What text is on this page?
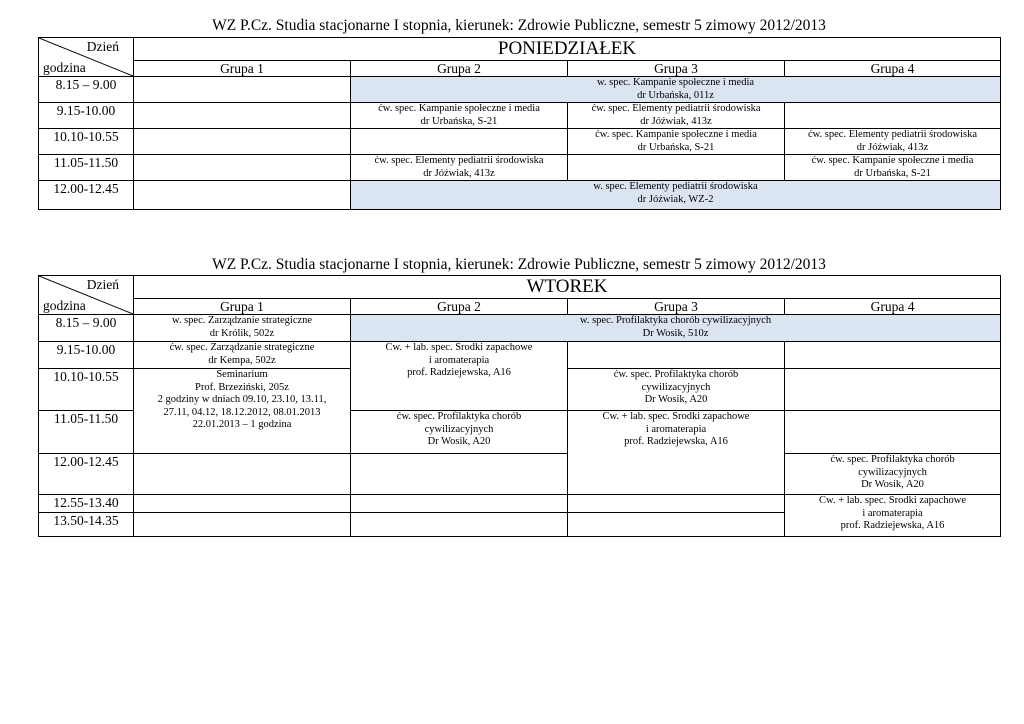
WZ P.Cz. Studia stacjonarne I stopnia, kierunek: Zdrowie Publiczne, semestr 5 zimowy 2012/2013
Dzień
godzina	PONIEDZIAŁEK			
	Grupa 1	Grupa 2	Grupa 3	Grupa 4
8.15 – 9.00		w. spec. Kampanie społeczne i media
dr Urbańska, 011z		

9.15-10.00		ćw. spec. Kampanie społeczne i media
dr Urbańska, S-21	ćw. spec. Elementy pediatrii środowiska
dr Jóźwiak, 413z	

10.10-10.55			ćw. spec. Kampanie społeczne i media
dr Urbańska, S-21	ćw. spec. Elementy pediatrii środowiska
dr Jóźwiak, 413z

11.05-11.50		ćw. spec. Elementy pediatrii środowiska
dr Jóźwiak, 413z		ćw. spec. Kampanie społeczne i media
dr Urbańska, S-21

12.00-12.45		w. spec. Elementy pediatrii środowiska
dr Jóźwiak, WZ-2		
WZ P.Cz. Studia stacjonarne I stopnia, kierunek: Zdrowie Publiczne, semestr 5 zimowy 2012/2013
Dzień
godzina	WTOREK			
	Grupa 1	Grupa 2	Grupa 3	Grupa 4
8.15 – 9.00	w. spec. Zarządzanie strategiczne
dr Królik, 502z	w. spec. Profilaktyka chorób cywilizacyjnych
Dr Wosik, 510z		

9.15-10.00	ćw. spec. Zarządzanie strategiczne
dr Kempa, 502z	Ćw. + lab. spec. Środki zapachowe
i aromaterapia
prof. Radziejewska, A16		

10.10-10.55	Seminarium
Prof. Brzeziński, 205z
2 godziny w dniach 09.10, 23.10, 13.11,
27.11, 04.12, 18.12.2012, 08.01.2013
22.01.2013 – 1 godzina		ćw. spec. Profilaktyka chorób
cywilizacyjnych
Dr Wosik, A20	

11.05-11.50		ćw. spec. Profilaktyka chorób
cywilizacyjnych
Dr Wosik, A20	Ćw. + lab. spec. Środki zapachowe
i aromaterapia
prof. Radziejewska, A16	

12.00-12.45				ćw. spec. Profilaktyka chorób
cywilizacyjnych
Dr Wosik, A20

12.55-13.40				Ćw. + lab. spec. Środki zapachowe
i aromaterapia
prof. Radziejewska, A16

13.50-14.35				
